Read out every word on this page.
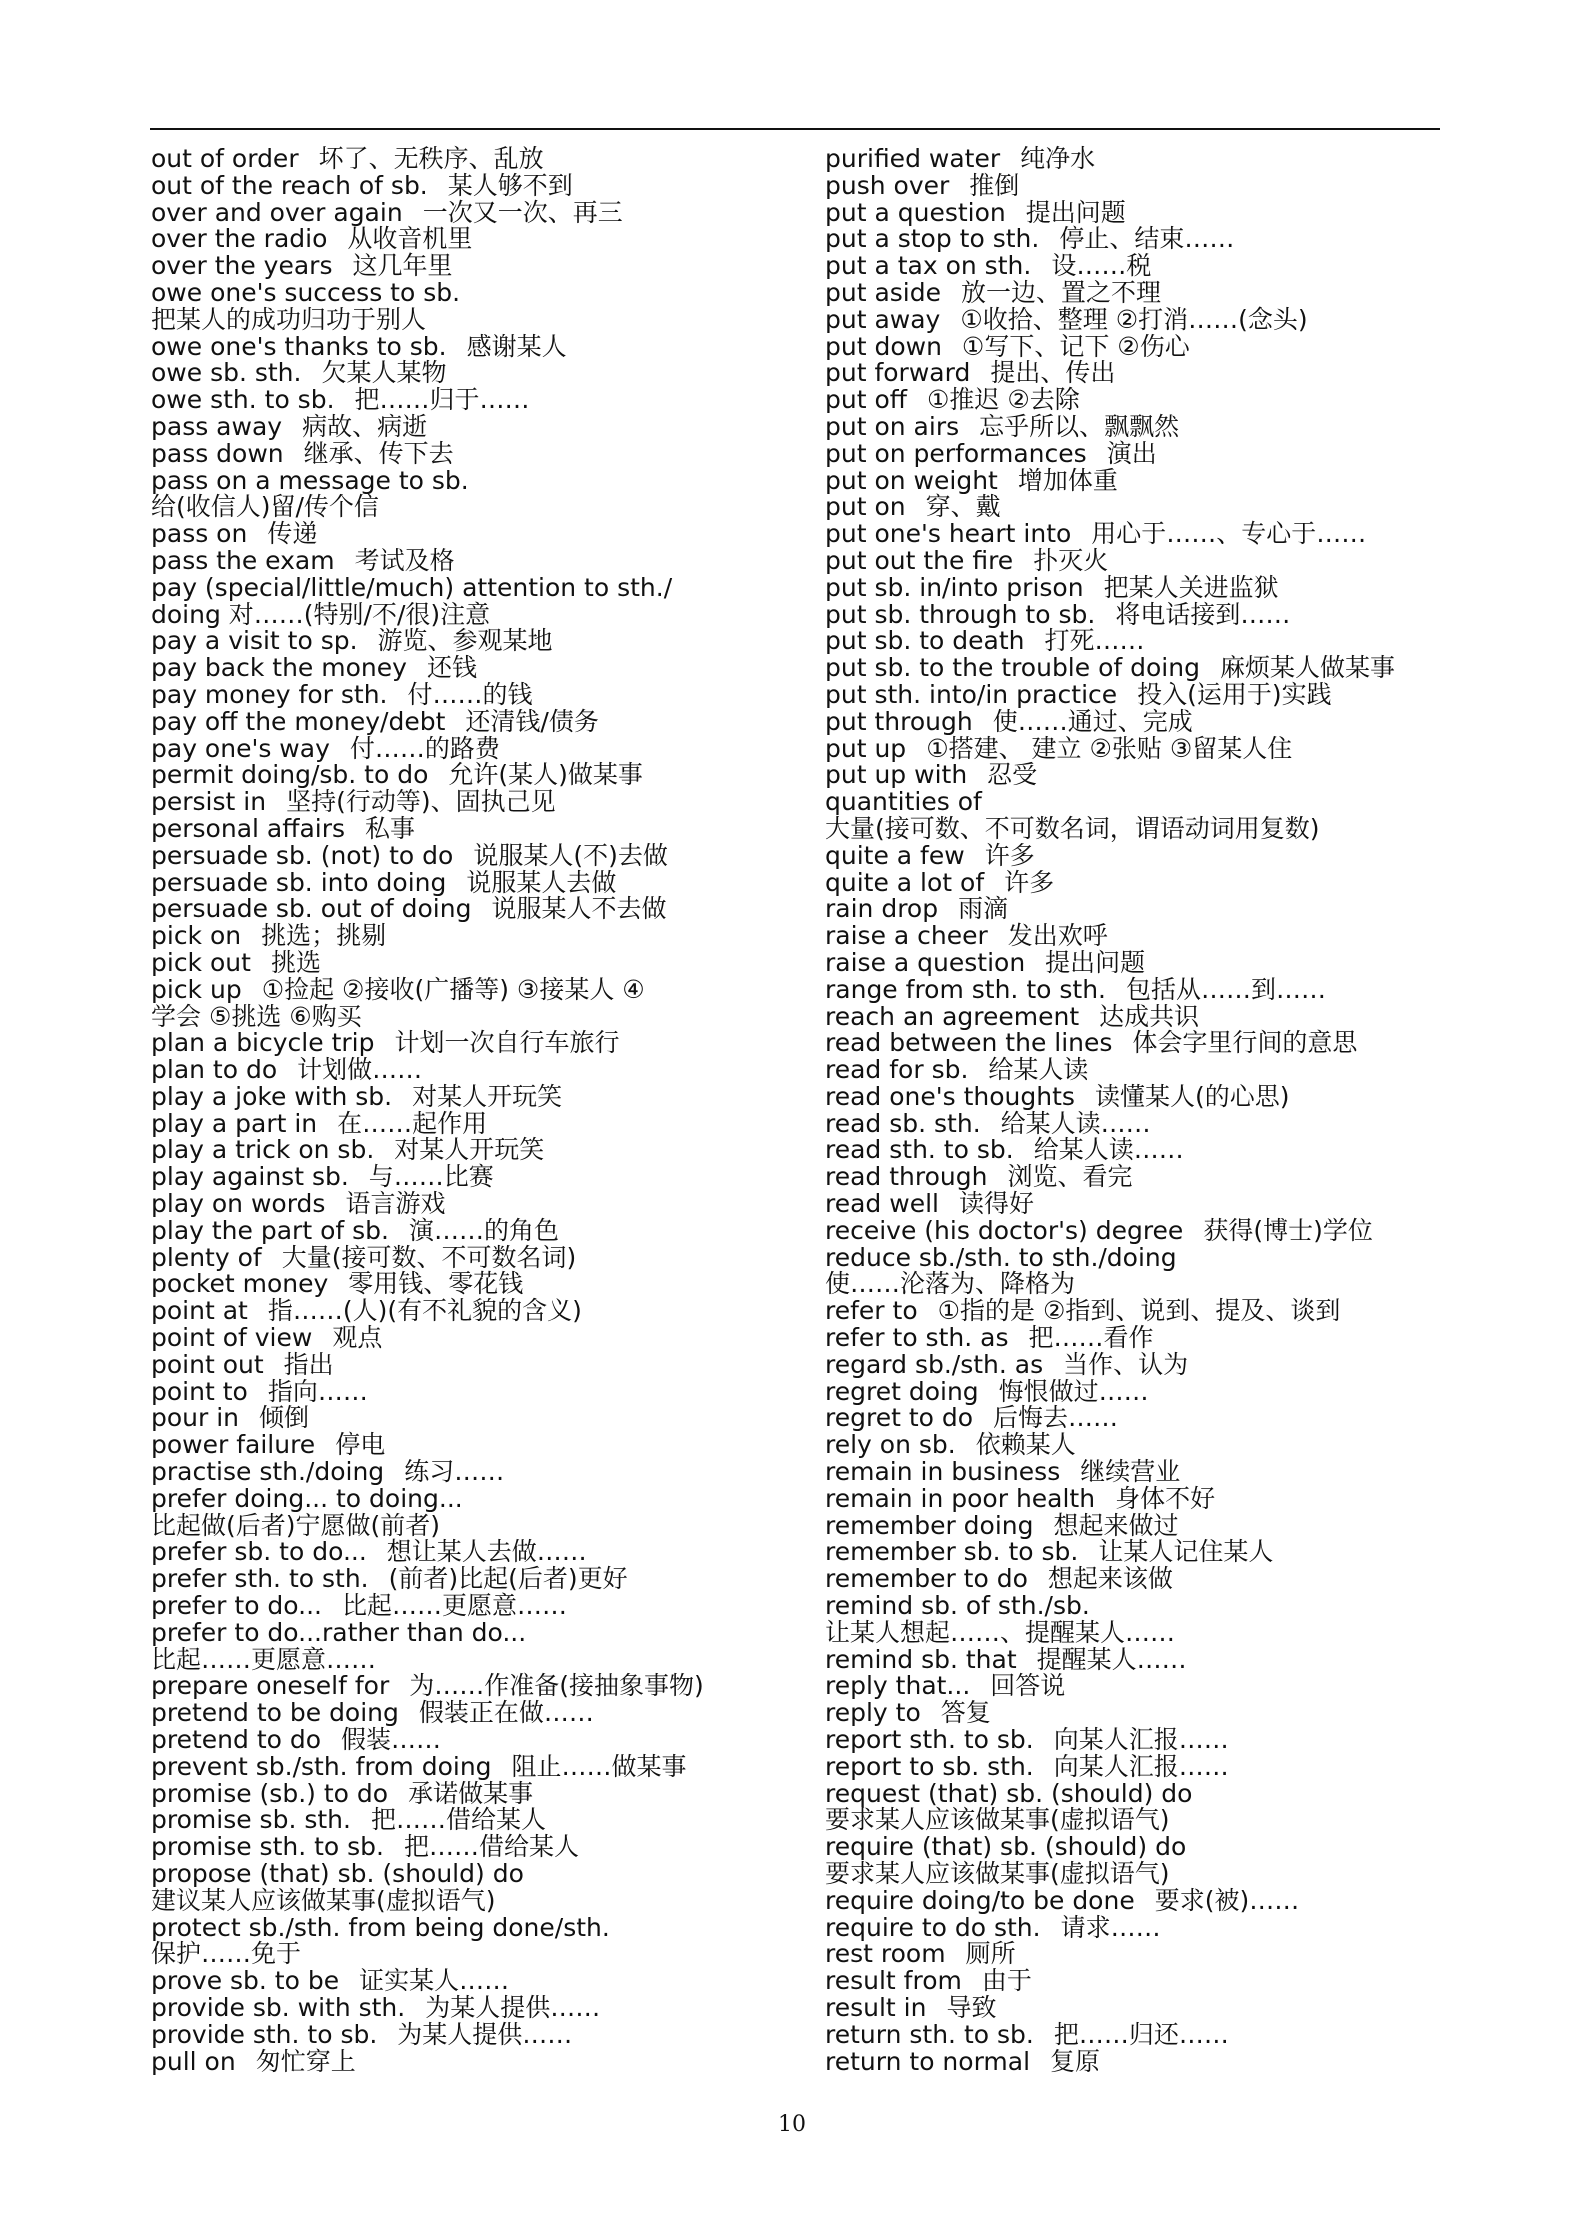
out of order 坏了、无秩序、乱放
out of the reach of sb. 某人够不到
over and over again 一次又一次、再三
over the radio 从收音机里
over the years 这几年里
owe one's success to sb.
把某人的成功归功于别人
owe one's thanks to sb. 感谢某人
owe sb. sth. 欠某人某物
owe sth. to sb. 把……归于……
pass away 病故、病逝
pass down 继承、传下去
pass on a message to sb.
给(收信人)留/传个信
pass on 传递
pass the exam 考试及格
pay (special/little/much) attention to sth./
doing 对……(特别/不/很)注意
pay a visit to sp. 游览、参观某地
pay back the money 还钱
pay money for sth. 付……的钱
pay off the money/debt 还清钱/债务
pay one's way 付……的路费
permit doing/sb. to do 允许(某人)做某事
persist in 坚持(行动等)、固执己见
personal affairs 私事
persuade sb. (not) to do 说服某人(不)去做
persuade sb. into doing 说服某人去做
persuade sb. out of doing 说服某人不去做
pick on 挑选；挑剔
pick out 挑选
pick up ①捡起 ②接收(广播等) ③接某人 ④
学会 ⑤挑选 ⑥购买
plan a bicycle trip 计划一次自行车旅行
plan to do 计划做……
play a joke with sb. 对某人开玩笑
play a part in 在……起作用
play a trick on sb. 对某人开玩笑
play against sb. 与……比赛
play on words 语言游戏
play the part of sb. 演……的角色
plenty of 大量(接可数、不可数名词)
pocket money 零用钱、零花钱
point at 指……(人)(有不礼貌的含义)
point of view 观点
point out 指出
point to 指向……
pour in 倾倒
power failure 停电
practise sth./doing 练习……
prefer doing... to doing...
比起做(后者)宁愿做(前者)
prefer sb. to do... 想让某人去做……
prefer sth. to sth. (前者)比起(后者)更好
prefer to do... 比起……更愿意……
prefer to do...rather than do...
比起……更愿意……
prepare oneself for 为……作准备(接抽象事物)
pretend to be doing 假装正在做……
pretend to do 假装……
prevent sb./sth. from doing 阻止……做某事
promise (sb.) to do 承诺做某事
promise sb. sth. 把……借给某人
promise sth. to sb. 把……借给某人
propose (that) sb. (should) do
建议某人应该做某事(虚拟语气)
protect sb./sth. from being done/sth.
保护……免于
prove sb. to be 证实某人……
provide sb. with sth. 为某人提供……
provide sth. to sb. 为某人提供……
pull on 匆忙穿上
purified water 纯净水
push over 推倒
put a question 提出问题
put a stop to sth. 停止、结束……
put a tax on sth. 设……税
put aside 放一边、置之不理
put away ①收拾、整理 ②打消……(念头)
put down ①写下、记下 ②伤心
put forward 提出、传出
put off ①推迟 ②去除
put on airs 忘乎所以、飘飘然
put on performances 演出
put on weight 增加体重
put on 穿、戴
put one's heart into 用心于……、专心于……
put out the fire 扑灭火
put sb. in/into prison 把某人关进监狱
put sb. through to sb. 将电话接到……
put sb. to death 打死……
put sb. to the trouble of doing 麻烦某人做某事
put sth. into/in practice 投入(运用于)实践
put through 使……通过、完成
put up ①搭建、 建立 ②张贴 ③留某人住
put up with 忍受
quantities of
大量(接可数、不可数名词，谓语动词用复数)
quite a few 许多
quite a lot of 许多
rain drop 雨滴
raise a cheer 发出欢呼
raise a question 提出问题
range from sth. to sth. 包括从……到……
reach an agreement 达成共识
read between the lines 体会字里行间的意思
read for sb. 给某人读
read one's thoughts 读懂某人(的心思)
read sb. sth. 给某人读……
read sth. to sb. 给某人读……
read through 浏览、看完
read well 读得好
receive (his doctor's) degree 获得(博士)学位
reduce sb./sth. to sth./doing
使……沦落为、降格为
refer to ①指的是 ②指到、说到、提及、谈到
refer to sth. as 把……看作
regard sb./sth. as 当作、认为
regret doing 悔恨做过……
regret to do 后悔去……
rely on sb. 依赖某人
remain in business 继续营业
remain in poor health 身体不好
remember doing 想起来做过
remember sb. to sb. 让某人记住某人
remember to do 想起来该做
remind sb. of sth./sb.
让某人想起……、提醒某人……
remind sb. that 提醒某人……
reply that... 回答说
reply to 答复
report sth. to sb. 向某人汇报……
report to sb. sth. 向某人汇报……
request (that) sb. (should) do
要求某人应该做某事(虚拟语气)
require (that) sb. (should) do
要求某人应该做某事(虚拟语气)
require doing/to be done 要求(被)……
require to do sth. 请求……
rest room 厕所
result from 由于
result in 导致
return sth. to sb. 把……归还……
return to normal 复原
10
